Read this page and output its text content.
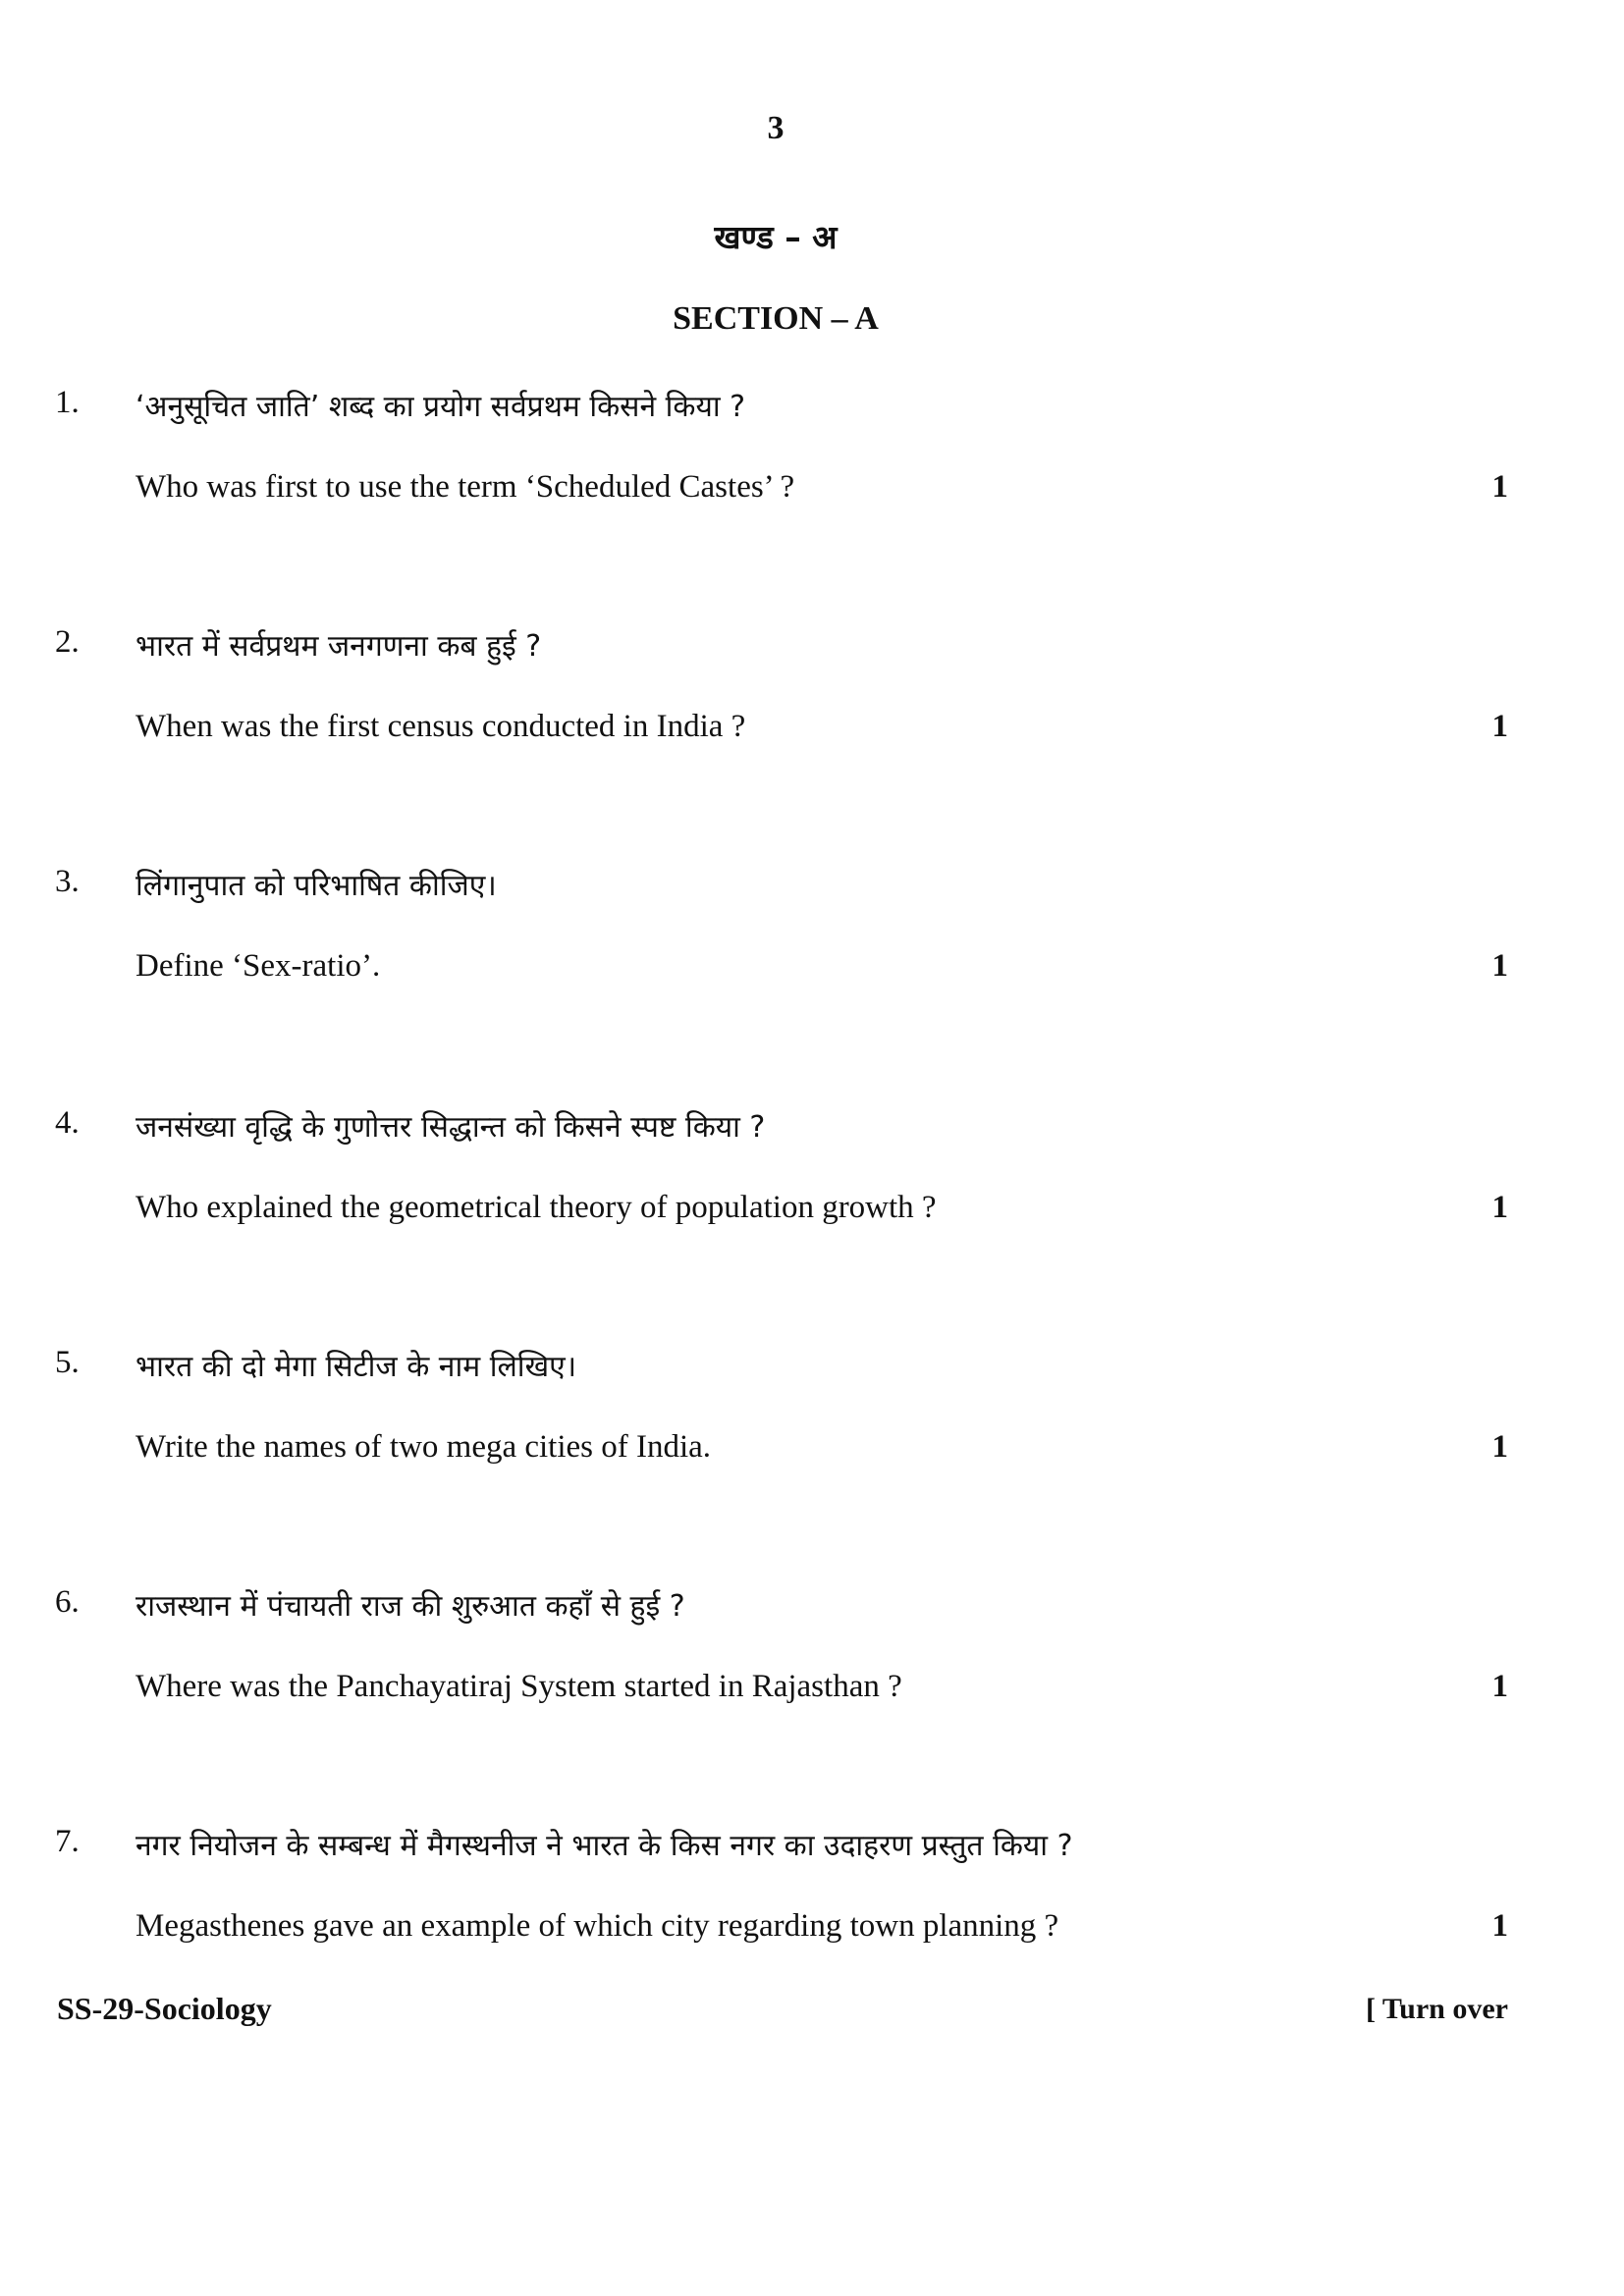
3
खण्ड – अ
SECTION – A
1. ‘अनुसूचित जाति’ शब्द का प्रयोग सर्वप्रथम किसने किया ?
Who was first to use the term ‘Scheduled Castes’ ?	1
2. भारत में सर्वप्रथम जनगणना कब हुई ?
When was the first census conducted in India ?	1
3. लिंगानुपात को परिभाषित कीजिए।
Define ‘Sex-ratio’.	1
4. जनसंख्या वृद्धि के गुणोत्तर सिद्धान्त को किसने स्पष्ट किया ?
Who explained the geometrical theory of population growth ?	1
5. भारत की दो मेगा सिटीज के नाम लिखिए।
Write the names of two mega cities of India.	1
6. राजस्थान में पंचायती राज की शुरुआत कहाँ से हुई ?
Where was the Panchayatiraj System started in Rajasthan ?	1
7. नगर नियोजन के सम्बन्ध में मैगस्थनीज ने भारत के किस नगर का उदाहरण प्रस्तुत किया ?
Megasthenes gave an example of which city regarding town planning ?	1
SS-29-Sociology	[ Turn over
